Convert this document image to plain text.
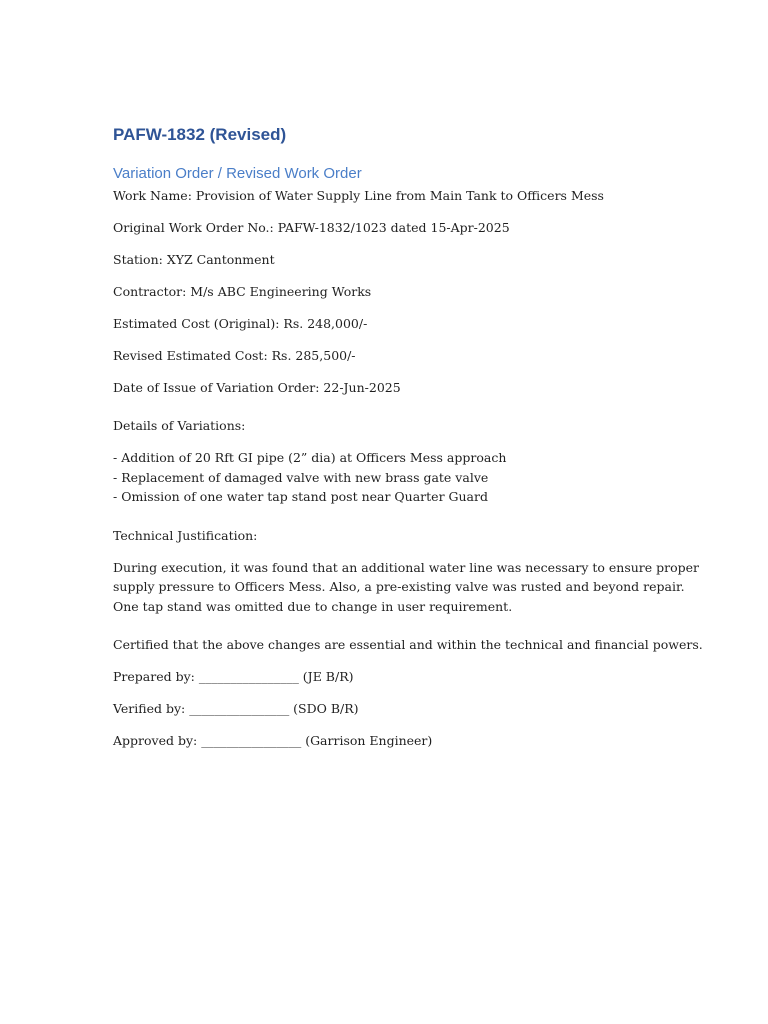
PAFW-1832 (Revised)
Variation Order / Revised Work Order
Work Name: Provision of Water Supply Line from Main Tank to Officers Mess
Original Work Order No.: PAFW-1832/1023 dated 15-Apr-2025
Station: XYZ Cantonment
Contractor: M/s ABC Engineering Works
Estimated Cost (Original): Rs. 248,000/-
Revised Estimated Cost: Rs. 285,500/-
Date of Issue of Variation Order: 22-Jun-2025
Details of Variations:
- Addition of 20 Rft GI pipe (2” dia) at Officers Mess approach
- Replacement of damaged valve with new brass gate valve
- Omission of one water tap stand post near Quarter Guard
Technical Justification:
During execution, it was found that an additional water line was necessary to ensure proper
supply pressure to Officers Mess. Also, a pre-existing valve was rusted and beyond repair.
One tap stand was omitted due to change in user requirement.
Certified that the above changes are essential and within the technical and financial powers.
Prepared by: ________________ (JE B/R)
Verified by: ________________ (SDO B/R)
Approved by: ________________ (Garrison Engineer)
